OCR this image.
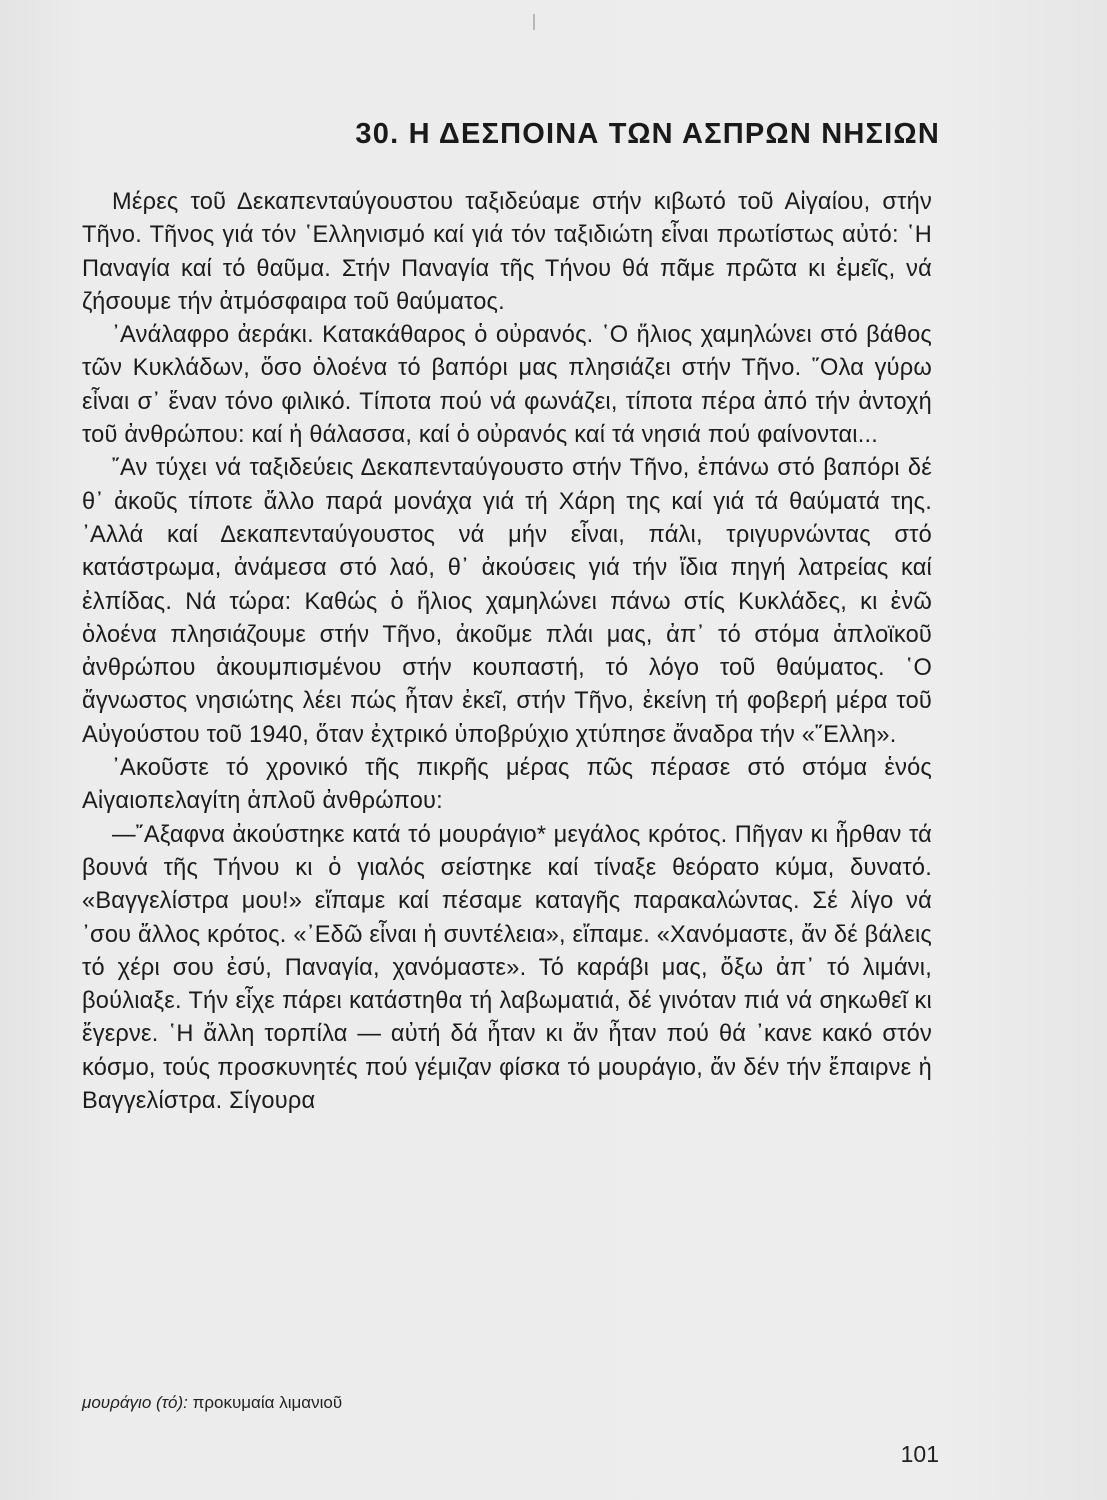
30. Η ΔΕΣΠΟΙΝΑ ΤΩΝ ΑΣΠΡΩΝ ΝΗΣΙΩΝ

Μέρες τοῦ Δεκαπενταύγουστου ταξιδεύαμε στήν κιβωτό τοῦ Αἰγαίου, στήν Τῆνο. Τῆνος γιά τόν ῾Ελληνισμό καί γιά τόν ταξιδιώτη εἶναι πρωτίστως αὐτό: ῾Η Παναγία καί τό θαῦμα. Στήν Παναγία τῆς Τήνου θά πᾶμε πρῶτα κι ἐμεῖς, νά ζήσουμε τήν ἀτμόσφαιρα τοῦ θαύματος.

᾿Ανάλαφρο ἀεράκι. Κατακάθαρος ὁ οὐρανός. ῾Ο ἥλιος χαμηλώνει στό βάθος τῶν Κυκλάδων, ὅσο ὁλοένα τό βαπόρι μας πλησιάζει στήν Τῆνο. ῞Ολα γύρω εἶναι σ᾿ ἕναν τόνο φιλικό. Τίποτα πού νά φωνάζει, τίποτα πέρα ἀπό τήν ἀντοχή τοῦ ἀνθρώπου: καί ἡ θάλασσα, καί ὁ οὐρανός καί τά νησιά πού φαίνονται...

῎Αν τύχει νά ταξιδεύεις Δεκαπενταύγουστο στήν Τῆνο, ἐπάνω στό βαπόρι δέ θ᾿ ἀκοῦς τίποτε ἄλλο παρά μονάχα γιά τή Χάρη της καί γιά τά θαύματά της. ᾿Αλλά καί Δεκαπενταύγουστος νά μήν εἶναι, πάλι, τριγυρνώντας στό κατάστρωμα, ἀνάμεσα στό λαό, θ᾿ ἀκούσεις γιά τήν ἴδια πηγή λατρείας καί ἐλπίδας. Νά τώρα: Καθώς ὁ ἥλιος χαμηλώνει πάνω στίς Κυκλάδες, κι ἐνῶ ὁλοένα πλησιάζουμε στήν Τῆνο, ἀκοῦμε πλάι μας, ἀπ᾿ τό στόμα ἁπλοϊκοῦ ἀνθρώπου ἀκουμπισμένου στήν κουπαστή, τό λόγο τοῦ θαύματος. ῾Ο ἄγνωστος νησιώτης λέει πώς ἦταν ἐκεῖ, στήν Τῆνο, ἐκείνη τή φοβερή μέρα τοῦ Αὐγούστου τοῦ 1940, ὅταν ἐχτρικό ὑποβρύχιο χτύπησε ἄναδρα τήν «῞Ελλη».

᾿Ακοῦστε τό χρονικό τῆς πικρῆς μέρας πῶς πέρασε στό στόμα ἑνός Αἰγαιοπελαγίτη ἁπλοῦ ἀνθρώπου:

—῎Αξαφνα ἀκούστηκε κατά τό μουράγιο* μεγάλος κρότος. Πῆγαν κι ἦρθαν τά βουνά τῆς Τήνου κι ὁ γιαλός σείστηκε καί τίναξε θεόρατο κύμα, δυνατό. «Βαγγελίστρα μου!» εἴπαμε καί πέσαμε καταγῆς παρακαλώντας. Σέ λίγο νά ᾿σου ἄλλος κρότος. «᾿Εδῶ εἶναι ἡ συντέλεια», εἴπαμε. «Χανόμαστε, ἄν δέ βάλεις τό χέρι σου ἐσύ, Παναγία, χανόμαστε». Τό καράβι μας, ὄξω ἀπ᾿ τό λιμάνι, βούλιαξε. Τήν εἶχε πάρει κατάστηθα τή λαβωματιά, δέ γινόταν πιά νά σηκωθεῖ κι ἔγερνε. ῾Η ἄλλη τορπίλα — αὐτή δά ἦταν κι ἄν ἦταν πού θά ᾿κανε κακό στόν κόσμο, τούς προσκυνητές πού γέμιζαν φίσκα τό μουράγιο, ἄν δέν τήν ἔπαιρνε ἡ Βαγγελίστρα. Σίγουρα

μουράγιο (τό): προκυμαία λιμανιοῦ
101
